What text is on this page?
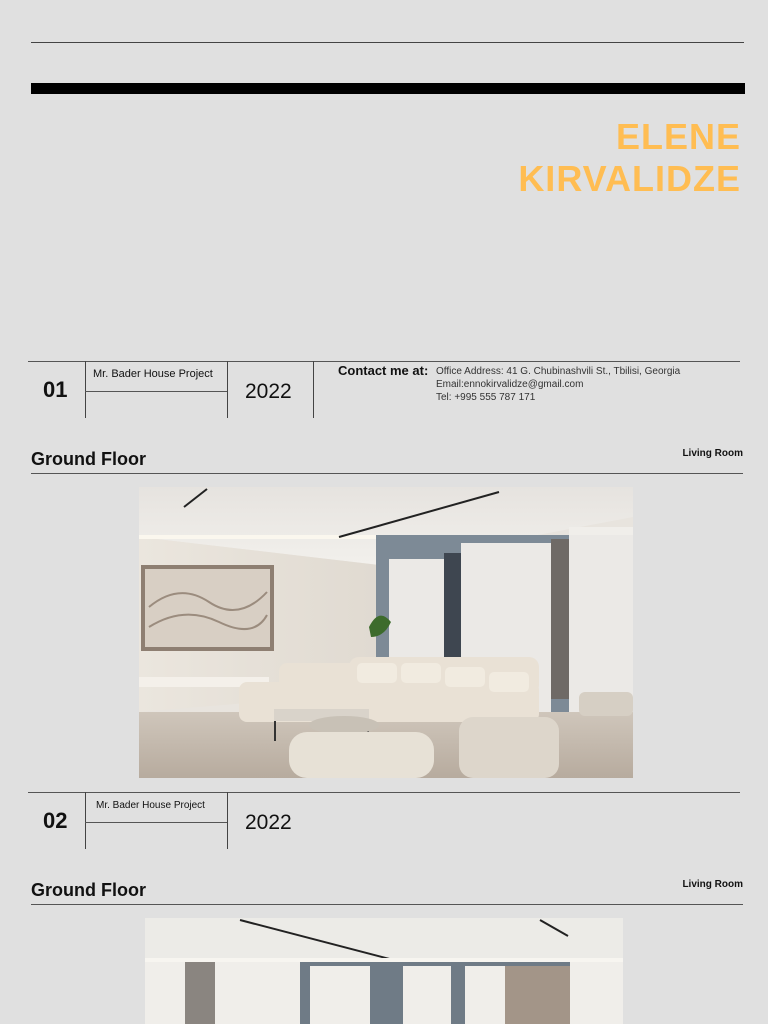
ELENE
KIRVALIDZE
01
Mr. Bader House Project
2022
Contact me at: Office Address: 41 G. Chubinashvili St., Tbilisi, Georgia
Email:ennokirvalidze@gmail.com
Tel: +995 555 787 171
Ground Floor	Living Room
02
Mr. Bader House Project
2022
Ground Floor	Living Room
